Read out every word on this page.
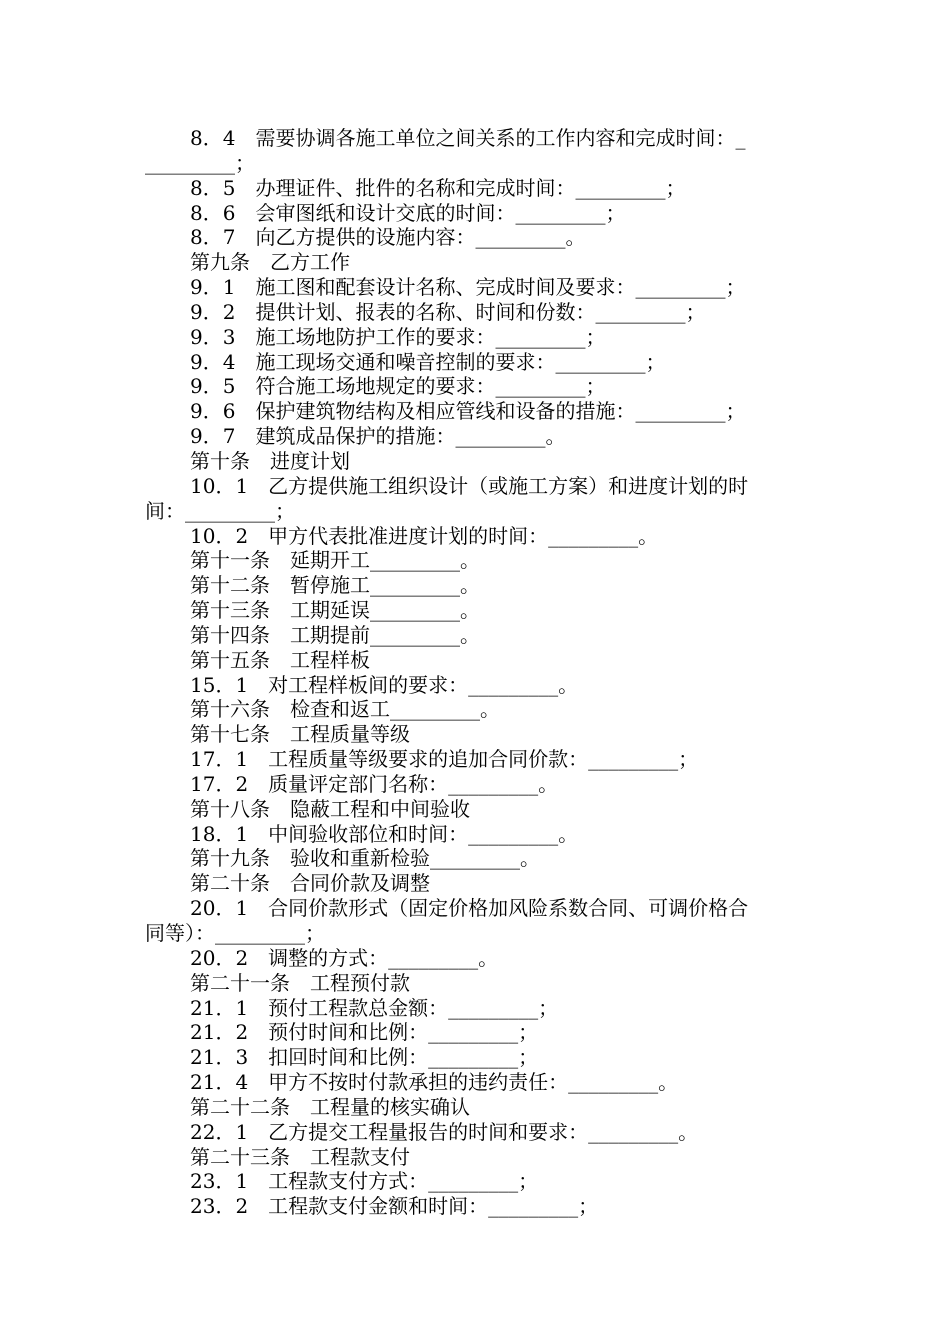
8．4　需要协调各施工单位之间关系的工作内容和完成时间：_
_________；
8．5　办理证件、批件的名称和完成时间：_________；
8．6　会审图纸和设计交底的时间：_________；
8．7　向乙方提供的设施内容：_________。
第九条　乙方工作
9．1　施工图和配套设计名称、完成时间及要求：_________；
9．2　提供计划、报表的名称、时间和份数：_________；
9．3　施工场地防护工作的要求：_________；
9．4　施工现场交通和噪音控制的要求：_________；
9．5　符合施工场地规定的要求：_________；
9．6　保护建筑物结构及相应管线和设备的措施：_________；
9．7　建筑成品保护的措施：_________。
第十条　进度计划
10．1　乙方提供施工组织设计（或施工方案）和进度计划的时
间：_________；
10．2　甲方代表批准进度计划的时间：_________。
第十一条　延期开工_________。
第十二条　暂停施工_________。
第十三条　工期延误_________。
第十四条　工期提前_________。
第十五条　工程样板
15．1　对工程样板间的要求：_________。
第十六条　检查和返工_________。
第十七条　工程质量等级
17．1　工程质量等级要求的追加合同价款：_________；
17．2　质量评定部门名称：_________。
第十八条　隐蔽工程和中间验收
18．1　中间验收部位和时间：_________。
第十九条　验收和重新检验_________。
第二十条　合同价款及调整
20．1　合同价款形式（固定价格加风险系数合同、可调价格合
同等）：_________；
20．2　调整的方式：_________。
第二十一条　工程预付款
21．1　预付工程款总金额：_________；
21．2　预付时间和比例：_________；
21．3　扣回时间和比例：_________；
21．4　甲方不按时付款承担的违约责任：_________。
第二十二条　工程量的核实确认
22．1　乙方提交工程量报告的时间和要求：_________。
第二十三条　工程款支付
23．1　工程款支付方式：_________；
23．2　工程款支付金额和时间：_________；
